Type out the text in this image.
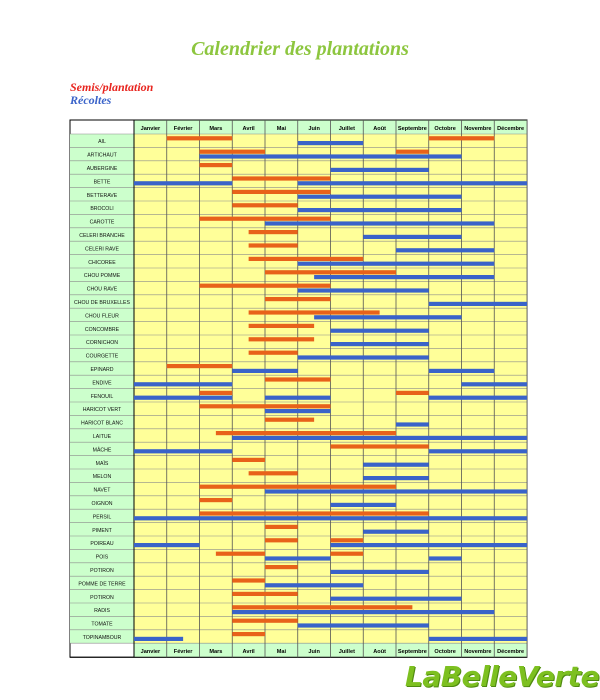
Calendrier des plantations
Semis/plantation
Récoltes
Janvier
Janvier
Février
Février
Mars
Mars
Avril
Avril
Mai
Mai
Juin
Juin
Juillet
Juillet
Août
Août
Septembre
Septembre
Octobre
Octobre
Novembre
Novembre
Décembre
Décembre
AIL
ARTICHAUT
AUBERGINE
BETTE
BETTERAVE
BROCOLI
CAROTTE
CELERI BRANCHE
CELERI RAVE
CHICOREE
CHOU POMME
CHOU RAVE
CHOU DE BRUXELLES
CHOU FLEUR
CONCOMBRE
CORNICHON
COURGETTE
EPINARD
ENDIVE
FENOUIL
HARICOT VERT
HARICOT BLANC
LAITUE
MÂCHE
MAÏS
MELON
NAVET
OIGNON
PERSIL
PIMENT
POIREAU
POIS
POTIRON
POMME DE TERRE
POTIRON
RADIS
TOMATE
TOPINAMBOUR
LaBelleVerte
